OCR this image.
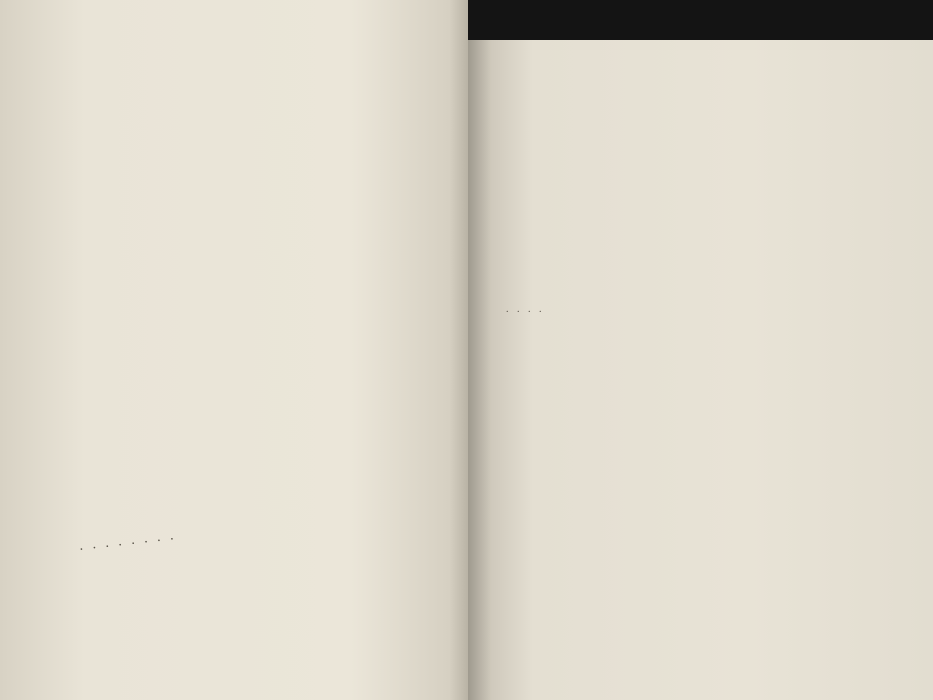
. . . . . . . .
. . . .
